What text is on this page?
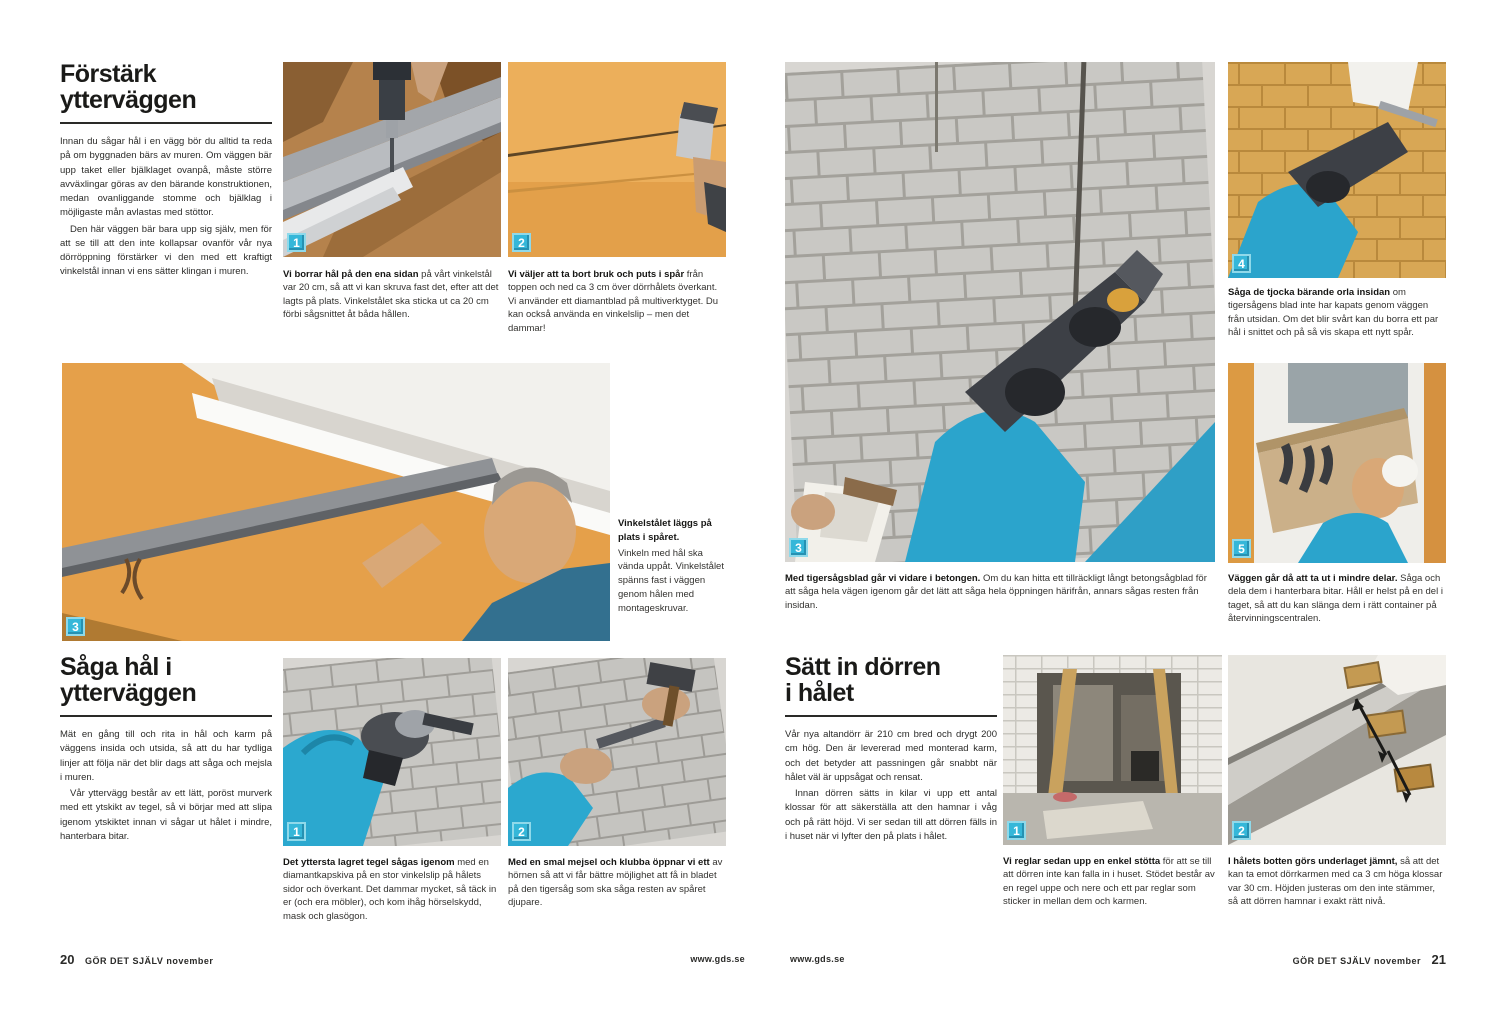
Förstärk
ytterväggen

Innan du sågar hål i en vägg bör du alltid ta reda på om byggnaden bärs av muren. Om väggen bär upp taket eller bjälklaget ovanpå, måste större avväxlingar göras av den bärande konstruktionen, medan ovanliggande stomme och bjälklag i möjligaste mån avlastas med stöttor.

Den här väggen bär bara upp sig själv, men för att se till att den inte kollapsar ovanför vår nya dörröppning förstärker vi den med ett kraftigt vinkelstål innan vi ens sätter klingan i muren.

1
Vi borrar hål på den ena sidan på vårt vinkelstål var 20 cm, så att vi kan skruva fast det, efter att det lagts på plats. Vinkelstålet ska sticka ut ca 20 cm förbi sågsnittet åt båda hållen.
2
Vi väljer att ta bort bruk och puts i spår från toppen och ned ca 3 cm över dörrhålets överkant. Vi använder ett diamantblad på multiverktyget. Du kan också använda en vinkelslip – men det dammar!
3
Vinkelstålet läggs på plats i spåret.
Vinkeln med hål ska vända uppåt. Vinkelstålet spänns fast i väggen genom hålen med montageskruvar.
Såga hål i
ytterväggen

Mät en gång till och rita in hål och karm på väggens insida och utsida, så att du har tydliga linjer att följa när det blir dags att såga och mejsla i muren.

Vår yttervägg består av ett lätt, poröst murverk med ett ytskikt av tegel, så vi börjar med att slipa igenom ytskiktet innan vi sågar ut hålet i mindre, hanterbara bitar.	1
Det yttersta lagret tegel sågas igenom med en diamantkapskiva på en stor vinkelslip på hålets sidor och överkant. Det dammar mycket, så täck in er (och era möbler), och kom ihåg hörselskydd, mask och glasögon.
2
Med en smal mejsel och klubba öppnar vi ett av hörnen så att vi får bättre möjlighet att få in bladet på den tigersåg som ska såga resten av spåret djupare.
20 GÖR DET SJÄLV november	www.gds.se
3
Med tigersågsblad går vi vidare i betongen. Om du kan hitta ett tillräckligt långt betongsågblad för att såga hela vägen igenom går det lätt att såga hela öppningen härifrån, annars sågas resten från insidan.
4
Såga de tjocka bärande orla insidan om tigersågens blad inte har kapats genom väggen från utsidan. Om det blir svårt kan du borra ett par hål i snittet och på så vis skapa ett nytt spår.
5
Väggen går då att ta ut i mindre delar. Såga och dela dem i hanterbara bitar. Håll er helst på en del i taget, så att du kan slänga dem i rätt container på återvinningscentralen.
Sätt in dörren
i hålet

Vår nya altandörr är 210 cm bred och drygt 200 cm hög. Den är levererad med monterad karm, och det betyder att passningen går snabbt när hålet väl är uppsågat och rensat.

Innan dörren sätts in kilar vi upp ett antal klossar för att säkerställa att den hamnar i våg och på rätt höjd. Vi ser sedan till att dörren fälls in i huset när vi lyfter den på plats i hålet.	1
Vi reglar sedan upp en enkel stötta för att se till att dörren inte kan falla in i huset. Stödet består av en regel uppe och nere och ett par reglar som sticker in mellan dem och karmen.
2
I hålets botten görs underlaget jämnt, så att det kan ta emot dörrkarmen med ca 3 cm höga klossar var 30 cm. Höjden justeras om den inte stämmer, så att dörren hamnar i exakt rätt nivå.
www.gds.se	GÖR DET SJÄLV november 21
